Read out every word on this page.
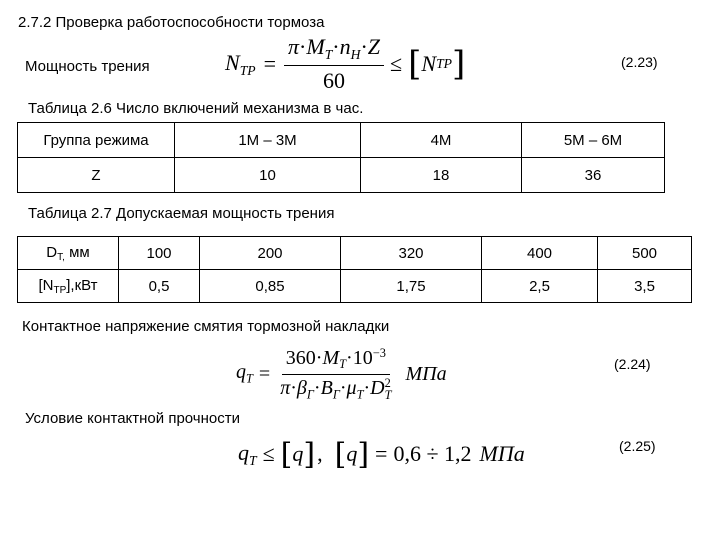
2.7.2 Проверка работоспособности тормоза
Мощность трения	$N_{TP} = \frac{\pi\cdot M_T\cdot n_H\cdot Z}{60}$ ≤ [ N TP ]	(2.23)
Таблица 2.6 Число включений механизма в час.
Группа режима	1М – 3М	4М	5М – 6М
Z	10	18	36
Таблица 2.7 Допускаемая мощность трения
$D_{T,}$ мм	100	200	320	400	500
$[N_{TP}],кВт$	0,5	0,85	1,75	2,5	3,5
Контактное напряжение смятия тормозной накладки
$q_T = 360\cdot M_T\cdot 10^{-3}$
$\pi\cdot\beta_Г\cdot B_Г\cdot\mu_T\cdot D$ 2
T МПа	(2.24)
Условие контактной прочности
$q_T$ ≤ [ q ] , [ q ] = 0,6 ÷ 1,2 МПа	(2.25)
